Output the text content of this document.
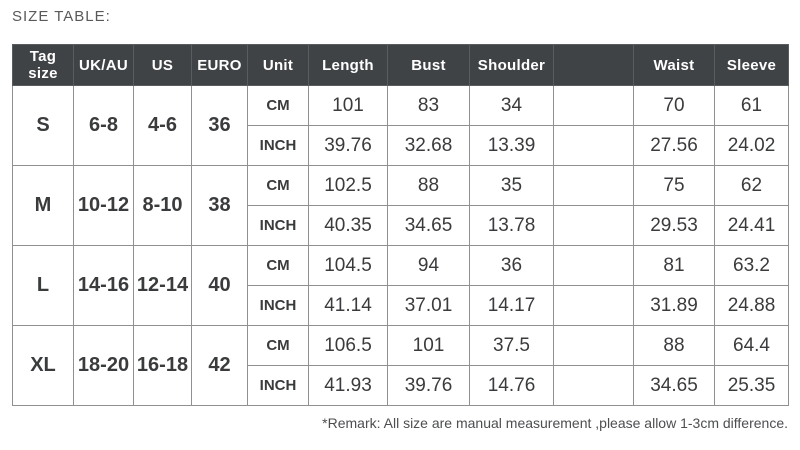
SIZE TABLE:
Tag size	UK/AU	US	EURO	Unit	Length	Bust	Shoulder		Waist	Sleeve
S	6-8	4-6	36	CM	101	83	34		70	61
				INCH	39.76	32.68	13.39		27.56	24.02
M	10-12	8-10	38	CM	102.5	88	35		75	62
				INCH	40.35	34.65	13.78		29.53	24.41
L	14-16	12-14	40	CM	104.5	94	36		81	63.2
				INCH	41.14	37.01	14.17		31.89	24.88
XL	18-20	16-18	42	CM	106.5	101	37.5		88	64.4
				INCH	41.93	39.76	14.76		34.65	25.35
*Remark: All size are manual measurement ,please allow 1-3cm difference.
